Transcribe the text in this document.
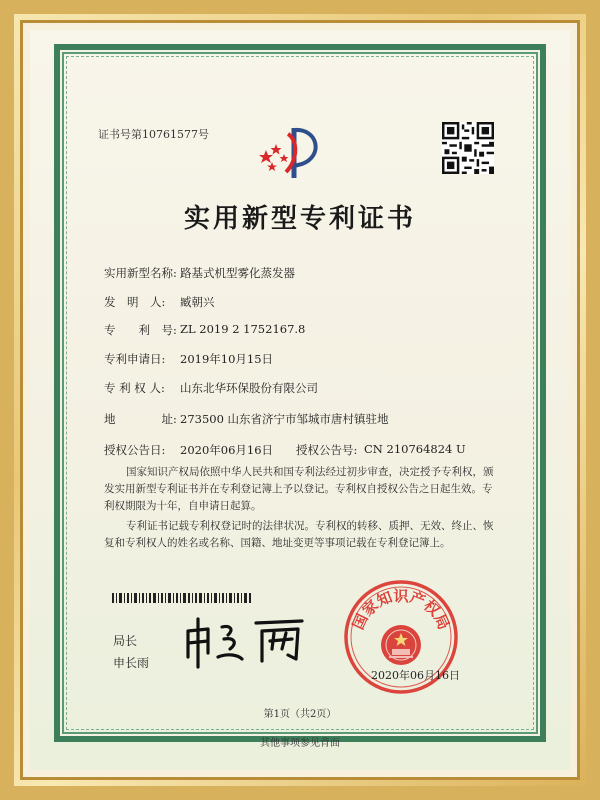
证书号第10761577号
实用新型专利证书
实用新型名称: 路基式机型雾化蒸发器
发　明　人: 臧朝兴
专　　利　号: ZL 2019 2 1752167.8
专利申请日: 2019年10月15日
专 利 权 人: 山东北华环保股份有限公司
地　　　　址: 273500 山东省济宁市邹城市唐村镇驻地
授权公告日: 2020年06月16日 授权公告号: CN 210764824 U
国家知识产权局依照中华人民共和国专利法经过初步审查，决定授予专利权，颁发实用新型专利证书并在专利登记簿上予以登记。专利权自授权公告之日起生效。专利权期限为十年，自申请日起算。
专利证书记载专利权登记时的法律状况。专利权的转移、质押、无效、终止、恢复和专利权人的姓名或名称、国籍、地址变更等事项记载在专利登记簿上。
局长
申长雨
国家知识产权局
2020年06月16日
第1页（共2页）
其他事项参见背面
